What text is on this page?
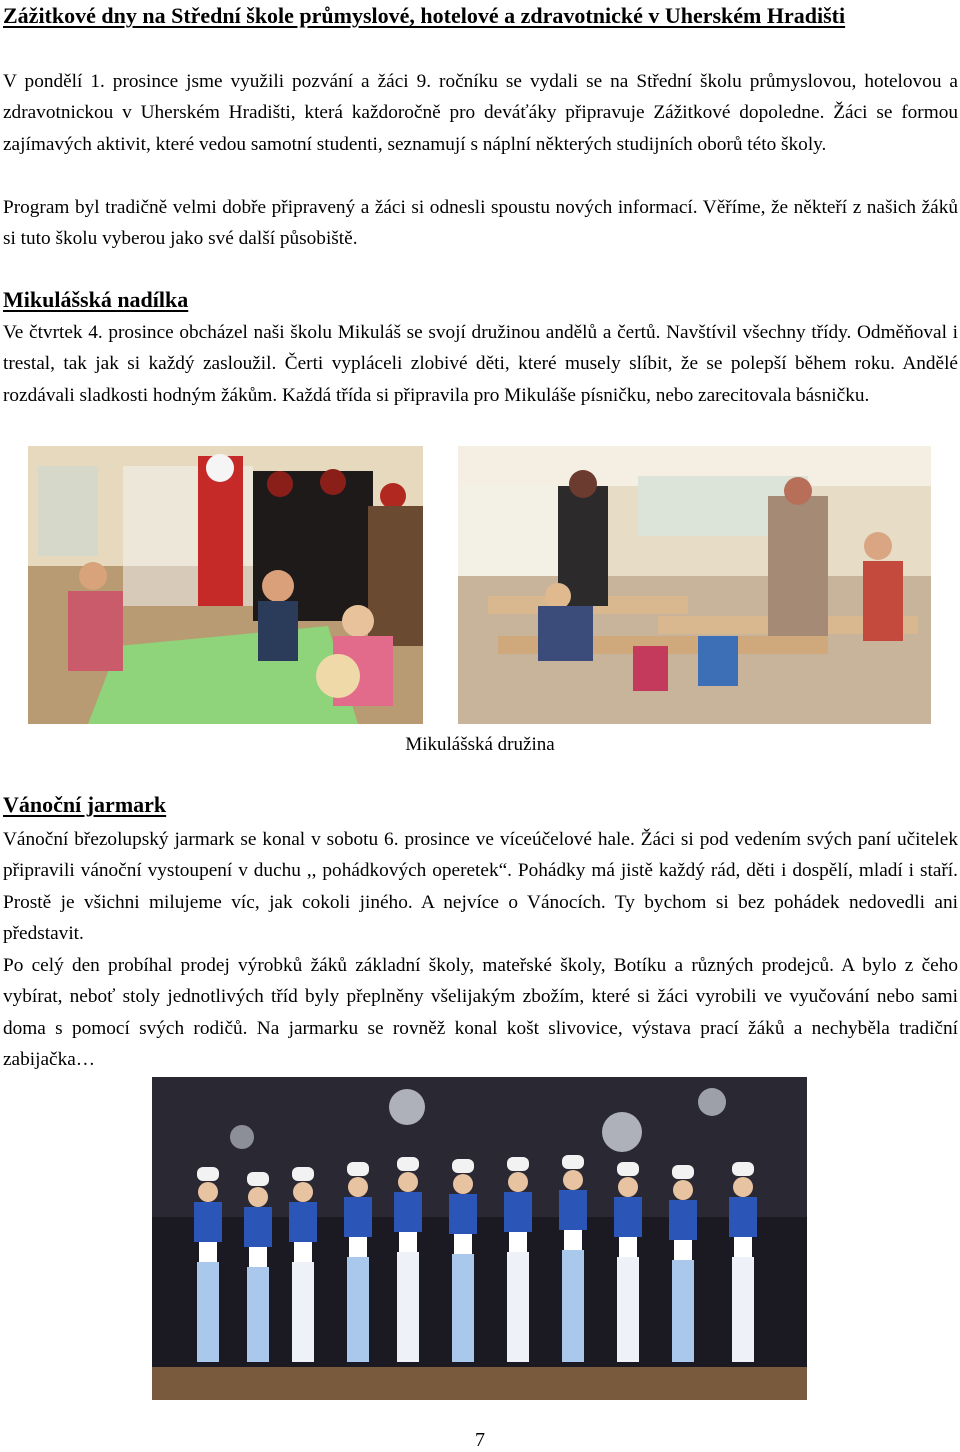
Zážitkové dny na Střední škole průmyslové, hotelové a zdravotnické v Uherském Hradišti

V pondělí 1. prosince jsme využili pozvání a žáci 9. ročníku se vydali se na Střední školu průmyslovou, hotelovou a zdravotnickou v Uherském Hradišti, která každoročně pro deváťáky připravuje Zážitkové dopoledne. Žáci se formou zajímavých aktivit, které vedou samotní studenti, seznamují s náplní některých studijních oborů této školy.

Program byl tradičně velmi dobře připravený a žáci si odnesli spoustu nových informací. Věříme, že někteří z našich žáků si tuto školu vyberou jako své další působiště.

Mikulášská nadílka

Ve čtvrtek 4. prosince obcházel naši školu Mikuláš se svojí družinou andělů a čertů. Navštívil všechny třídy. Odměňoval i trestal, tak jak si každý zasloužil. Čerti vypláceli zlobivé děti, které musely slíbit, že se polepší během roku. Andělé rozdávali sladkosti hodným žákům. Každá třída si připravila pro Mikuláše písničku, nebo zarecitovala básničku.

Mikulášská družina
Vánoční jarmark

Vánoční březolupský jarmark se konal v sobotu 6. prosince ve víceúčelové hale. Žáci si pod vedením svých paní učitelek připravili vánoční vystoupení v duchu ,, pohádkových operetek“. Pohádky má jistě každý rád, děti i dospělí, mladí i staří. Prostě je všichni milujeme víc, jak cokoli jiného. A nejvíce o Vánocích. Ty bychom si bez pohádek nedovedli ani představit.

Po celý den probíhal prodej výrobků žáků základní školy, mateřské školy, Botíku a různých prodejců. A bylo z čeho vybírat, neboť stoly jednotlivých tříd byly přeplněny všelijakým zbožím, které si žáci vyrobili ve vyučování nebo sami doma s pomocí svých rodičů. Na jarmarku se rovněž konal košt slivovice, výstava prací žáků a nechyběla tradiční zabijačka…

7
